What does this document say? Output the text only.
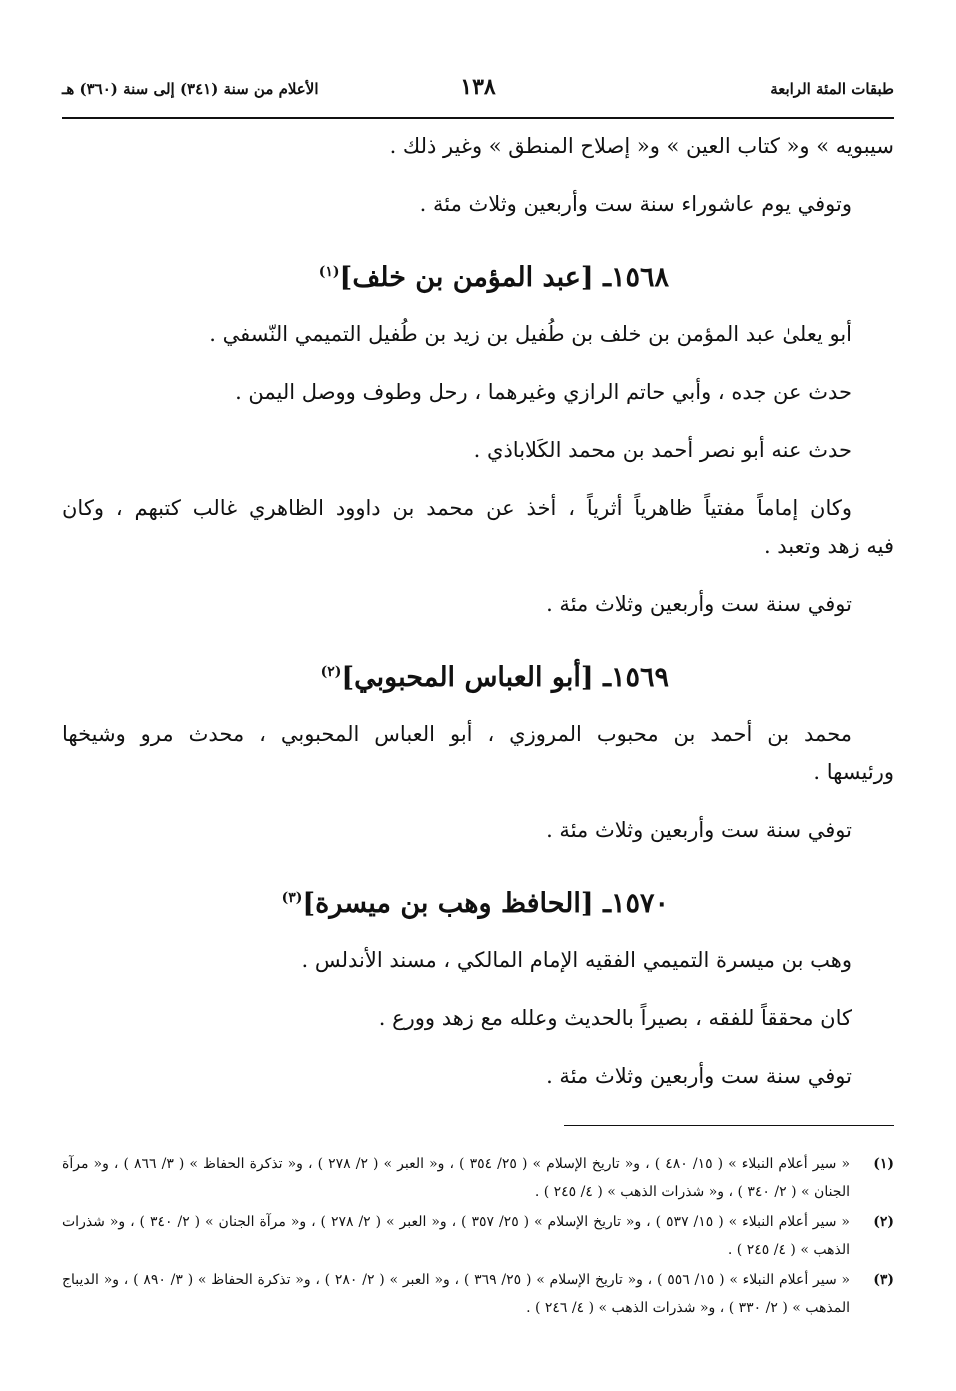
طبقات المئة الرابعة
١٣٨
الأعلام من سنة (٣٤١) إلى سنة (٣٦٠) هـ

سيبويه » و« كتاب العين » و« إصلاح المنطق » وغير ذلك .

وتوفي يوم عاشوراء سنة ست وأربعين وثلاث مئة .

١٥٦٨ـ [عبد المؤمن بن خلف]$^{(١)}$

أبو يعلىٰ عبد المؤمن بن خلف بن طُفيل بن زيد بن طُفيل التميمي النّسفي .

حدث عن جده ، وأبي حاتم الرازي وغيرهما ، رحل وطوف ووصل اليمن .

حدث عنه أبو نصر أحمد بن محمد الكَلاباذي .

وكان إماماً مفتياً ظاهرياً أثرياً ، أخذ عن محمد بن داوود الظاهري غالب كتبهم ، وكان

فيه زهد وتعبد .

توفي سنة ست وأربعين وثلاث مئة .

١٥٦٩ـ [أبو العباس المحبوبي]$^{(٢)}$

محمد بن أحمد بن محبوب المروزي ، أبو العباس المحبوبي ، محدث مرو وشيخها

ورئيسها .

توفي سنة ست وأربعين وثلاث مئة .

١٥٧٠ـ [الحافظ وهب بن ميسرة]$^{(٣)}$

وهب بن ميسرة التميمي الفقيه الإمام المالكي ، مسند الأندلس .

كان محققاً للفقه ، بصيراً بالحديث وعلله مع زهد وورع .

توفي سنة ست وأربعين وثلاث مئة .

(١)
« سير أعلام النبلاء » ( ١٥/ ٤٨٠ ) ، و« تاريخ الإسلام » ( ٢٥/ ٣٥٤ ) ، و« العبر » ( ٢/ ٢٧٨ ) ، و« تذكرة الحفاظ » ( ٣/ ٨٦٦ ) ، و« مرآة الجنان » ( ٢/ ٣٤٠ ) ، و« شذرات الذهب » ( ٤/ ٢٤٥ ) .
(٢)
« سير أعلام النبلاء » ( ١٥/ ٥٣٧ ) ، و« تاريخ الإسلام » ( ٢٥/ ٣٥٧ ) ، و« العبر » ( ٢/ ٢٧٨ ) ، و« مرآة الجنان » ( ٢/ ٣٤٠ ) ، و« شذرات الذهب » ( ٤/ ٢٤٥ ) .
(٣)
« سير أعلام النبلاء » ( ١٥/ ٥٥٦ ) ، و« تاريخ الإسلام » ( ٢٥/ ٣٦٩ ) ، و« العبر » ( ٢/ ٢٨٠ ) ، و« تذكرة الحفاظ » ( ٣/ ٨٩٠ ) ، و« الديباج المذهب » ( ٢/ ٣٣٠ ) ، و« شذرات الذهب » ( ٤/ ٢٤٦ ) .
